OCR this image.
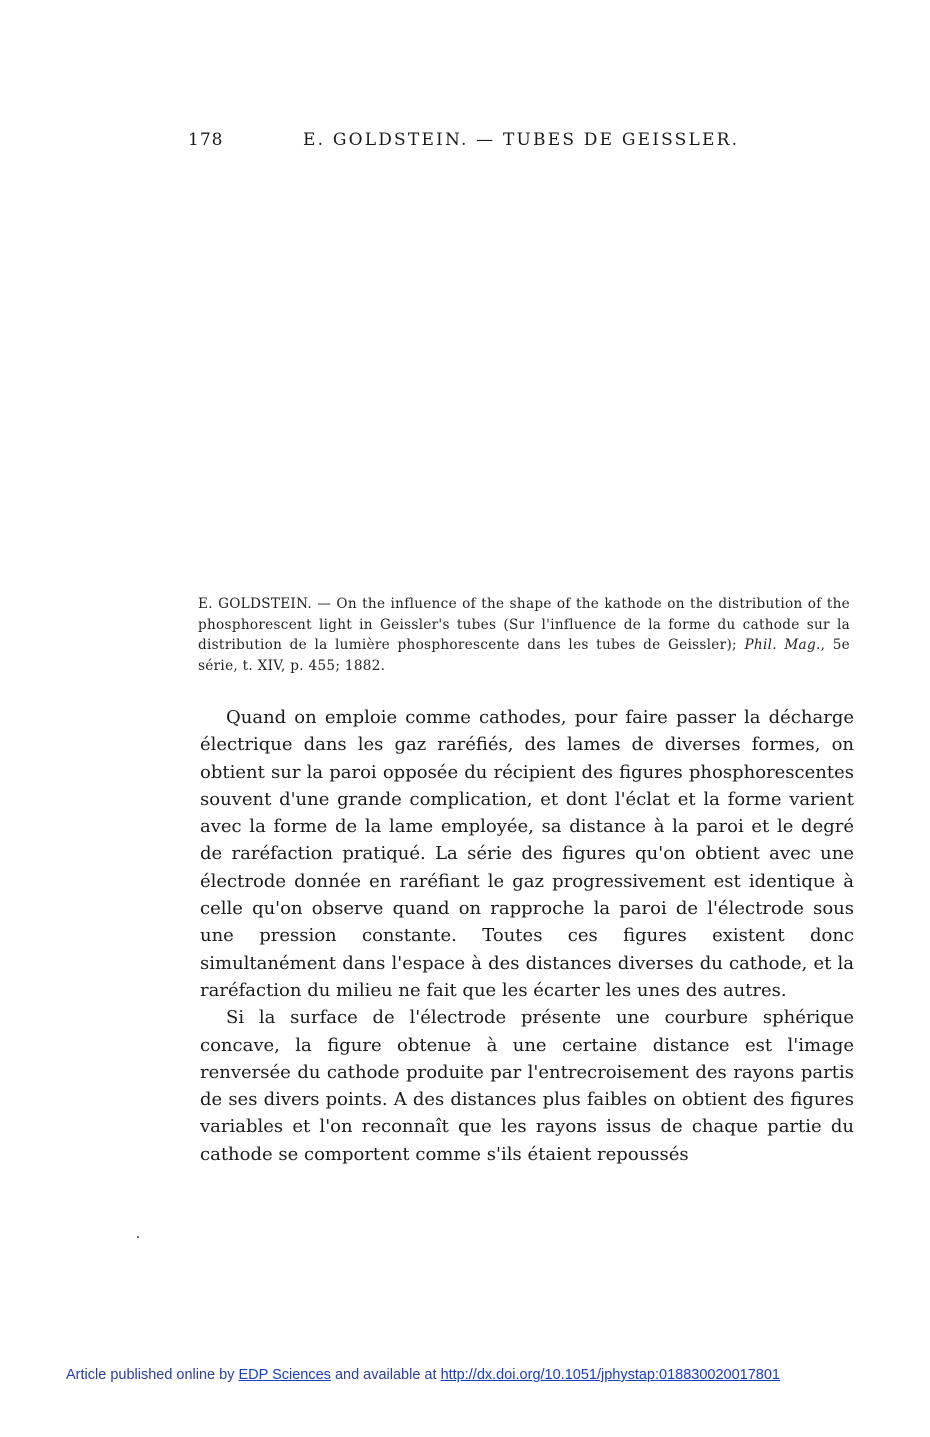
178	E. GOLDSTEIN. — TUBES DE GEISSLER.
E. GOLDSTEIN. — On the influence of the shape of the kathode on the distribution of the phosphorescent light in Geissler's tubes (Sur l'influence de la forme du cathode sur la distribution de la lumière phosphorescente dans les tubes de Geissler); Phil. Mag., 5e série, t. XIV, p. 455; 1882.

Quand on emploie comme cathodes, pour faire passer la décharge électrique dans les gaz raréfiés, des lames de diverses formes, on obtient sur la paroi opposée du récipient des figures phosphorescentes souvent d'une grande complication, et dont l'éclat et la forme varient avec la forme de la lame employée, sa distance à la paroi et le degré de raréfaction pratiqué. La série des figures qu'on obtient avec une électrode donnée en raréfiant le gaz progressivement est identique à celle qu'on observe quand on rapproche la paroi de l'électrode sous une pression constante. Toutes ces figures existent donc simultanément dans l'espace à des distances diverses du cathode, et la raréfaction du milieu ne fait que les écarter les unes des autres.

Si la surface de l'électrode présente une courbure sphérique concave, la figure obtenue à une certaine distance est l'image renversée du cathode produite par l'entrecroisement des rayons partis de ses divers points. A des distances plus faibles on obtient des figures variables et l'on reconnaît que les rayons issus de chaque partie du cathode se comportent comme s'ils étaient repoussés

Article published online by EDP Sciences and available at http://dx.doi.org/10.1051/jphystap:018830020017801
